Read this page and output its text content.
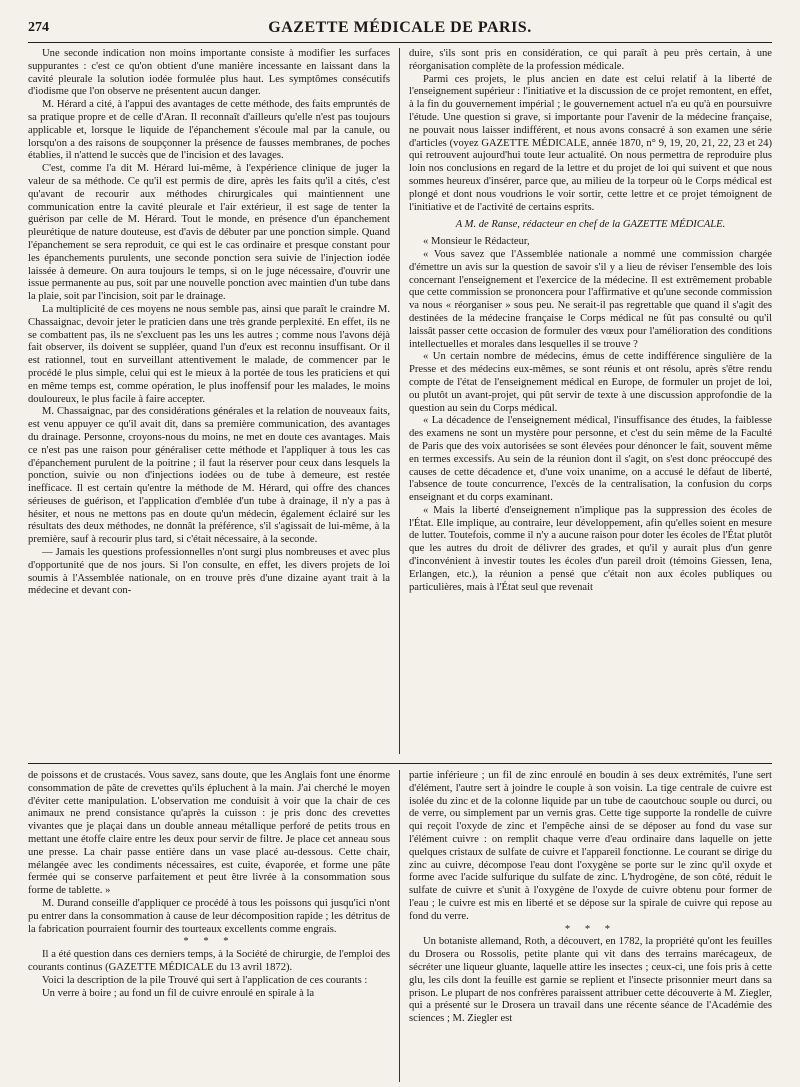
274	GAZETTE MÉDICALE DE PARIS.

Une seconde indication non moins importante consiste à modifier les surfaces suppurantes : c'est ce qu'on obtient d'une manière incessante en laissant dans la cavité pleurale la solution iodée formulée plus haut. Les symptômes consécutifs d'iodisme que l'on observe ne présentent aucun danger.

M. Hérard a cité, à l'appui des avantages de cette méthode, des faits empruntés de sa pratique propre et de celle d'Aran. Il reconnaît d'ailleurs qu'elle n'est pas toujours applicable et, lorsque le liquide de l'épanchement s'écoule mal par la canule, ou lorsqu'on a des raisons de soupçonner la présence de fausses membranes, de poches établies, il n'attend le succès que de l'incision et des lavages.

C'est, comme l'a dit M. Hérard lui-même, à l'expérience clinique de juger la valeur de sa méthode. Ce qu'il est permis de dire, après les faits qu'il a cités, c'est qu'avant de recourir aux méthodes chirurgicales qui maintiennent une communication entre la cavité pleurale et l'air extérieur, il est sage de tenter la guérison par celle de M. Hérard. Tout le monde, en présence d'un épanchement pleurétique de nature douteuse, est d'avis de débuter par une ponction simple. Quand l'épanchement se sera reproduit, ce qui est le cas ordinaire et presque constant pour les épanchements purulents, une seconde ponction sera suivie de l'injection iodée laissée à demeure. On aura toujours le temps, si on le juge nécessaire, d'ouvrir une issue permanente au pus, soit par une nouvelle ponction avec maintien d'un tube dans la plaie, soit par l'incision, soit par le drainage.

La multiplicité de ces moyens ne nous semble pas, ainsi que paraît le craindre M. Chassaignac, devoir jeter le praticien dans une très grande perplexité. En effet, ils ne se combattent pas, ils ne s'excluent pas les uns les autres ; comme nous l'avons déjà fait observer, ils doivent se suppléer, quand l'un d'eux est reconnu insuffisant. Or il est rationnel, tout en surveillant attentivement le malade, de commencer par le procédé le plus simple, celui qui est le mieux à la portée de tous les praticiens et qui en même temps est, comme opération, le plus inoffensif pour les malades, le moins douloureux, le plus facile à faire accepter.

M. Chassaignac, par des considérations générales et la relation de nouveaux faits, est venu appuyer ce qu'il avait dit, dans sa première communication, des avantages du drainage. Personne, croyons-nous du moins, ne met en doute ces avantages. Mais ce n'est pas une raison pour généraliser cette méthode et l'appliquer à tous les cas d'épanchement purulent de la poitrine ; il faut la réserver pour ceux dans lesquels la ponction, suivie ou non d'injections iodées ou de tube à demeure, est restée inefficace. Il est certain qu'entre la méthode de M. Hérard, qui offre des chances sérieuses de guérison, et l'application d'emblée d'un tube à drainage, il n'y a pas à hésiter, et nous ne mettons pas en doute qu'un médecin, également éclairé sur les résultats des deux méthodes, ne donnât la préférence, s'il s'agissait de lui-même, à la première, sauf à recourir plus tard, si c'était nécessaire, à la seconde.

— Jamais les questions professionnelles n'ont surgi plus nombreuses et avec plus d'opportunité que de nos jours. Si l'on consulte, en effet, les divers projets de loi soumis à l'Assemblée nationale, on en trouve près d'une dizaine ayant trait à la médecine et devant con-

duire, s'ils sont pris en considération, ce qui paraît à peu près certain, à une réorganisation complète de la profession médicale.

Parmi ces projets, le plus ancien en date est celui relatif à la liberté de l'enseignement supérieur : l'initiative et la discussion de ce projet remontent, en effet, à la fin du gouvernement impérial ; le gouvernement actuel n'a eu qu'à en poursuivre l'étude. Une question si grave, si importante pour l'avenir de la médecine française, ne pouvait nous laisser indifférent, et nous avons consacré à son examen une série d'articles (voyez GAZETTE MÉDICALE, année 1870, n° 9, 19, 20, 21, 22, 23 et 24) qui retrouvent aujourd'hui toute leur actualité. On nous permettra de reproduire plus loin nos conclusions en regard de la lettre et du projet de loi qui suivent et que nous sommes heureux d'insérer, parce que, au milieu de la torpeur où le Corps médical est plongé et dont nous voudrions le voir sortir, cette lettre et ce projet témoignent de l'initiative et de l'activité de certains esprits.

A M. de Ranse, rédacteur en chef de la GAZETTE MÉDICALE.

« Monsieur le Rédacteur,

« Vous savez que l'Assemblée nationale a nommé une commission chargée d'émettre un avis sur la question de savoir s'il y a lieu de réviser l'ensemble des lois concernant l'enseignement et l'exercice de la médecine. Il est extrêmement probable que cette commission se prononcera pour l'affirmative et qu'une seconde commission va nous « réorganiser » sous peu. Ne serait-il pas regrettable que quand il s'agit des destinées de la médecine française le Corps médical ne fût pas consulté ou qu'il laissât passer cette occasion de formuler des vœux pour l'amélioration des conditions intellectuelles et morales dans lesquelles il se trouve ?

« Un certain nombre de médecins, émus de cette indifférence singulière de la Presse et des médecins eux-mêmes, se sont réunis et ont résolu, après s'être rendu compte de l'état de l'enseignement médical en Europe, de formuler un projet de loi, ou plutôt un avant-projet, qui pût servir de texte à une discussion approfondie de la question au sein du Corps médical.

« La décadence de l'enseignement médical, l'insuffisance des études, la faiblesse des examens ne sont un mystère pour personne, et c'est du sein même de la Faculté de Paris que des voix autorisées se sont élevées pour dénoncer le fait, souvent même en termes excessifs. Au sein de la réunion dont il s'agit, on s'est donc préoccupé des causes de cette décadence et, d'une voix unanime, on a accusé le défaut de liberté, l'absence de toute concurrence, l'excès de la centralisation, la confusion du corps enseignant et du corps examinant.

« Mais la liberté d'enseignement n'implique pas la suppression des écoles de l'État. Elle implique, au contraire, leur développement, afin qu'elles soient en mesure de lutter. Toutefois, comme il n'y a aucune raison pour doter les écoles de l'État plutôt que les autres du droit de délivrer des grades, et qu'il y aurait plus d'un genre d'inconvénient à investir toutes les écoles d'un pareil droit (témoins Giessen, Iena, Erlangen, etc.), la réunion a pensé que c'était non aux écoles publiques ou particulières, mais à l'État seul que revenait

de poissons et de crustacés. Vous savez, sans doute, que les Anglais font une énorme consommation de pâte de crevettes qu'ils épluchent à la main. J'ai cherché le moyen d'éviter cette manipulation. L'observation me conduisit à voir que la chair de ces animaux ne prend consistance qu'après la cuisson : je pris donc des crevettes vivantes que je plaçai dans un double anneau métallique perforé de petits trous en mettant une étoffe claire entre les deux pour servir de filtre. Je place cet anneau sous une presse. La chair passe entière dans un vase placé au-dessous. Cette chair, mélangée avec les condiments nécessaires, est cuite, évaporée, et forme une pâte fermée qui se conserve parfaitement et peut être livrée à la consommation sous forme de tablette. »

M. Durand conseille d'appliquer ce procédé à tous les poissons qui jusqu'ici n'ont pu entrer dans la consommation à cause de leur décomposition rapide ; les détritus de la fabrication pourraient fournir des tourteaux excellents comme engrais.

* * *

Il a été question dans ces derniers temps, à la Société de chirurgie, de l'emploi des courants continus (GAZETTE MÉDICALE du 13 avril 1872).

Voici la description de la pile Trouvé qui sert à l'application de ces courants :

Un verre à boire ; au fond un fil de cuivre enroulé en spirale à la

partie inférieure ; un fil de zinc enroulé en boudin à ses deux extrémités, l'une sert d'élément, l'autre sert à joindre le couple à son voisin. La tige centrale de cuivre est isolée du zinc et de la colonne liquide par un tube de caoutchouc souple ou durci, ou de verre, ou simplement par un vernis gras. Cette tige supporte la rondelle de cuivre qui reçoit l'oxyde de zinc et l'empêche ainsi de se déposer au fond du vase sur l'élément cuivre : on remplit chaque verre d'eau ordinaire dans laquelle on jette quelques cristaux de sulfate de cuivre et l'appareil fonctionne. Le courant se dirige du zinc au cuivre, décompose l'eau dont l'oxygène se porte sur le zinc qu'il oxyde et forme avec l'acide sulfurique du sulfate de zinc. L'hydrogène, de son côté, réduit le sulfate de cuivre et s'unit à l'oxygène de l'oxyde de cuivre obtenu pour former de l'eau ; le cuivre est mis en liberté et se dépose sur la spirale de cuivre qui repose au fond du verre.

* * *

Un botaniste allemand, Roth, a découvert, en 1782, la propriété qu'ont les feuilles du Drosera ou Rossolis, petite plante qui vit dans des terrains marécageux, de sécréter une liqueur gluante, laquelle attire les insectes ; ceux-ci, une fois pris à cette glu, les cils dont la feuille est garnie se replient et l'insecte prisonnier meurt dans sa prison. Le plupart de nos confrères paraissent attribuer cette découverte à M. Ziegler, qui a présenté sur le Drosera un travail dans une récente séance de l'Académie des sciences ; M. Ziegler est
